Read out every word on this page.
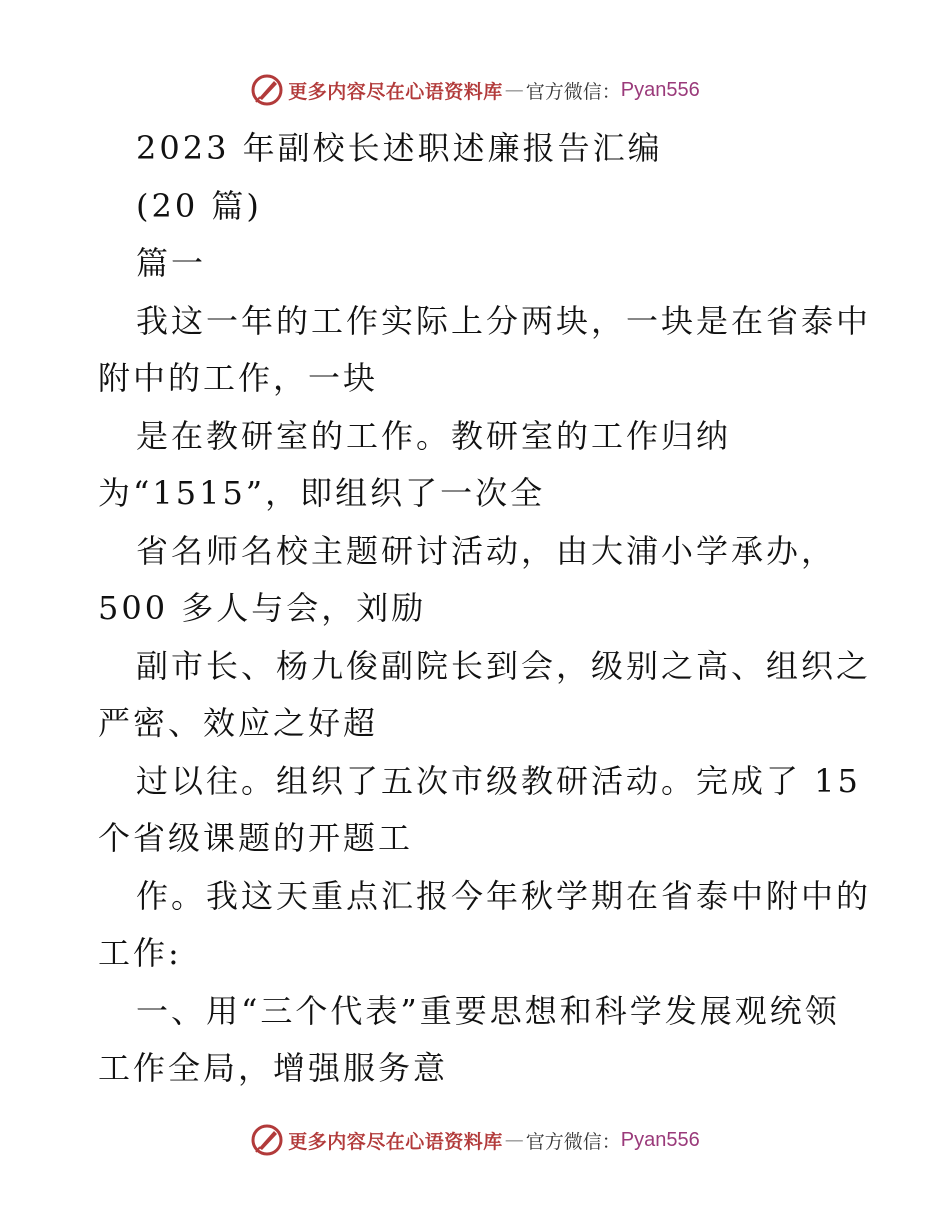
更多内容尽在心语资料库 — 官方微信： Pyan556
2023 年副校长述职述廉报告汇编
(20 篇)
篇一
我这一年的工作实际上分两块，一块是在省泰中
附中的工作，一块
是在教研室的工作。教研室的工作归纳
为“1515”，即组织了一次全
省名师名校主题研讨活动，由大浦小学承办，
500 多人与会，刘励
副市长、杨九俊副院长到会，级别之高、组织之
严密、效应之好超
过以往。组织了五次市级教研活动。完成了 15
个省级课题的开题工
作。我这天重点汇报今年秋学期在省泰中附中的
工作:
一、用“三个代表”重要思想和科学发展观统领
工作全局，增强服务意
更多内容尽在心语资料库 — 官方微信： Pyan556
